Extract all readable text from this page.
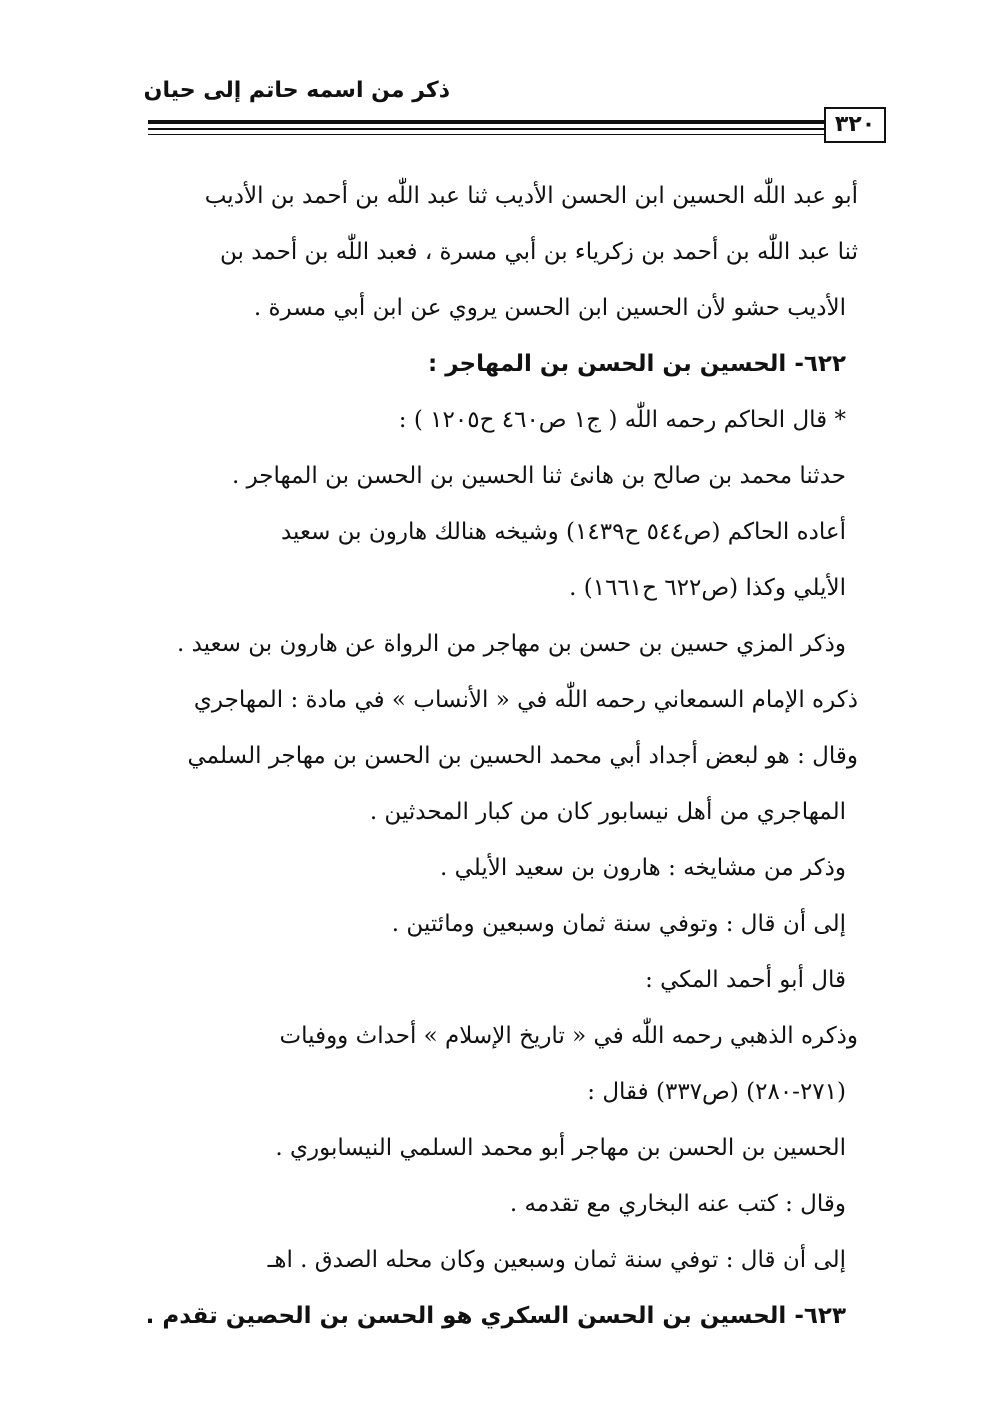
ذكر من اسمه حاتم إلى حيان
٣٢٠
أبو عبد اللّٰه الحسين ابن الحسن الأديب ثنا عبد اللّٰه بن أحمد بن الأديب
ثنا عبد اللّٰه بن أحمد بن زكرياء بن أبي مسرة ، فعبد اللّٰه بن أحمد بن
الأديب حشو لأن الحسين ابن الحسن يروي عن ابن أبي مسرة .
٦٢٢- الحسين بن الحسن بن المهاجر :
* قال الحاكم رحمه اللّٰه ( ج١ ص٤٦٠ ح١٢٠٥ ) :
حدثنا محمد بن صالح بن هانئ ثنا الحسين بن الحسن بن المهاجر .
أعاده الحاكم (ص٥٤٤ ح١٤٣٩) وشيخه هنالك هارون بن سعيد
الأيلي وكذا (ص٦٢٢ ح١٦٦١) .
وذكر المزي حسين بن حسن بن مهاجر من الرواة عن هارون بن سعيد .
ذكره الإمام السمعاني رحمه اللّٰه في « الأنساب » في مادة : المهاجري
وقال : هو لبعض أجداد أبي محمد الحسين بن الحسن بن مهاجر السلمي
المهاجري من أهل نيسابور كان من كبار المحدثين .
وذكر من مشايخه : هارون بن سعيد الأيلي .
إلى أن قال : وتوفي سنة ثمان وسبعين ومائتين .
قال أبو أحمد المكي :
وذكره الذهبي رحمه اللّٰه في « تاريخ الإسلام » أحداث ووفيات
(٢٧١-٢٨٠) (ص٣٣٧) فقال :
الحسين بن الحسن بن مهاجر أبو محمد السلمي النيسابوري .
وقال : كتب عنه البخاري مع تقدمه .
إلى أن قال : توفي سنة ثمان وسبعين وكان محله الصدق . اهـ
٦٢٣- الحسين بن الحسن السكري هو الحسن بن الحصين تقدم .
